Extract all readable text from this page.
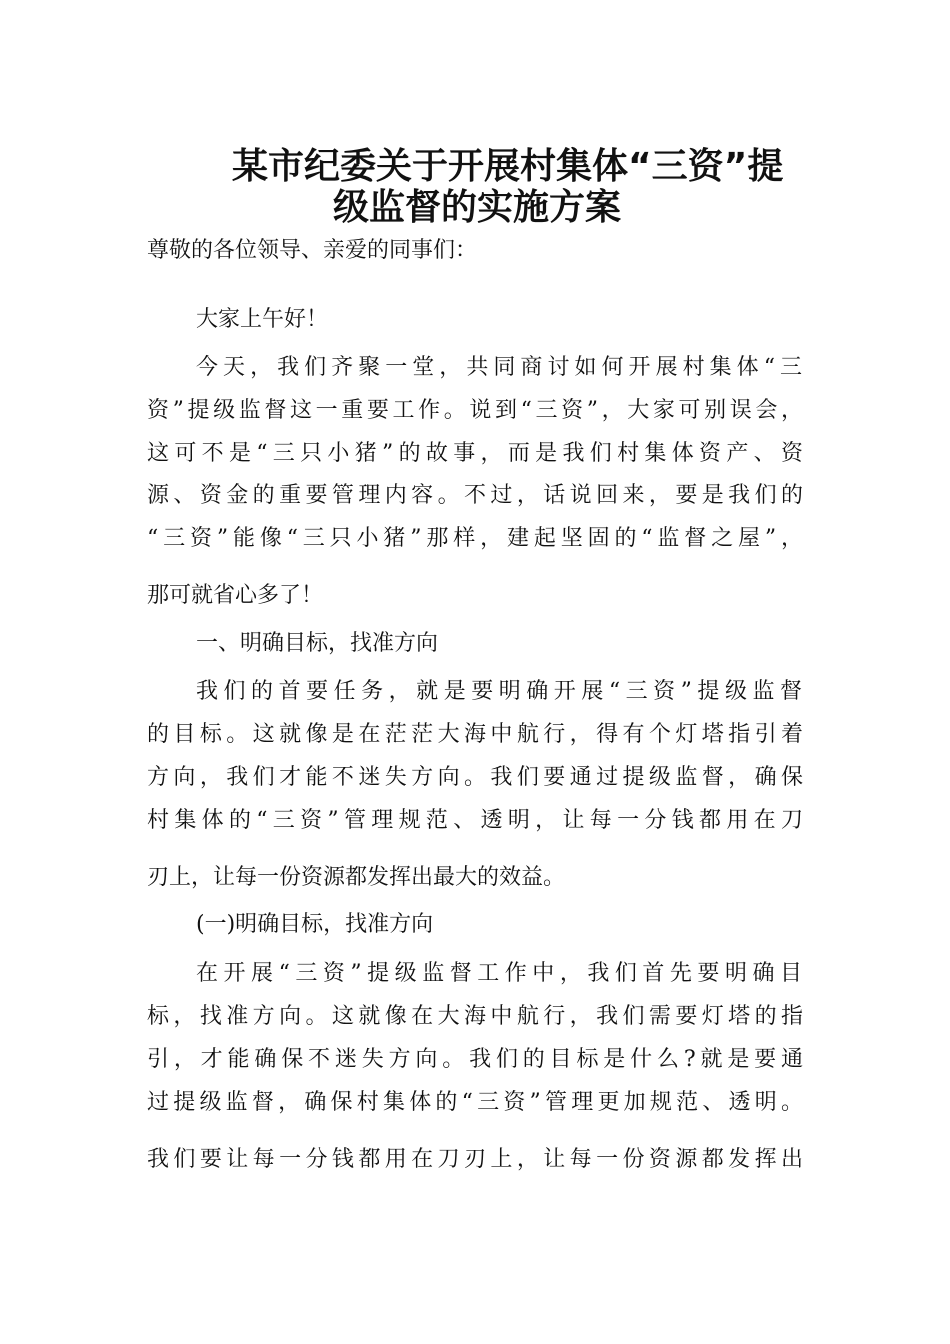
某市纪委关于开展村集体“三资”提
级监督的实施方案
尊敬的各位领导、亲爱的同事们：
大家上午好！
今天，我们齐聚一堂，共同商讨如何开展村集体“三
资”提级监督这一重要工作。说到“三资”，大家可别误会，
这可不是“三只小猪”的故事，而是我们村集体资产、资
源、资金的重要管理内容。不过，话说回来，要是我们的
“三资”能像“三只小猪”那样，建起坚固的“监督之屋”，
那可就省心多了！
一、明确目标，找准方向
我们的首要任务，就是要明确开展“三资”提级监督
的目标。这就像是在茫茫大海中航行，得有个灯塔指引着
方向，我们才能不迷失方向。我们要通过提级监督，确保
村集体的“三资”管理规范、透明，让每一分钱都用在刀
刃上，让每一份资源都发挥出最大的效益。
(一)明确目标，找准方向
在开展“三资”提级监督工作中，我们首先要明确目
标，找准方向。这就像在大海中航行，我们需要灯塔的指
引，才能确保不迷失方向。我们的目标是什么?就是要通
过提级监督，确保村集体的“三资”管理更加规范、透明。
我们要让每一分钱都用在刀刃上，让每一份资源都发挥出
